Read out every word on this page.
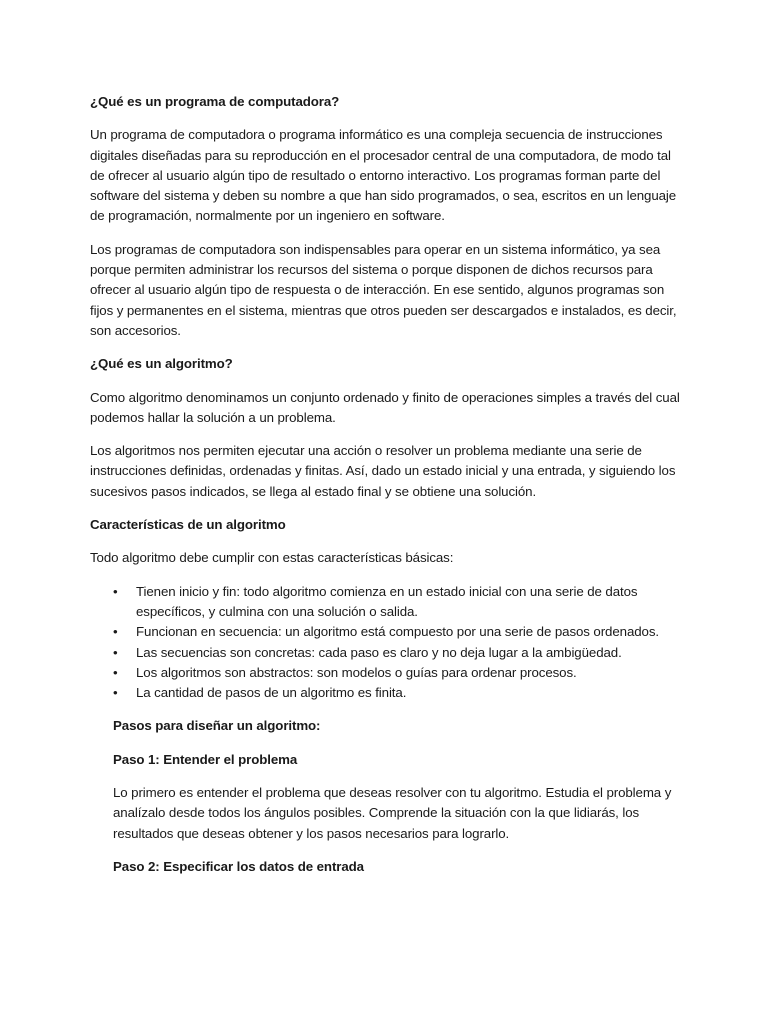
¿Qué es un programa de computadora?

Un programa de computadora o programa informático es una compleja secuencia de instrucciones digitales diseñadas para su reproducción en el procesador central de una computadora, de modo tal de ofrecer al usuario algún tipo de resultado o entorno interactivo. Los programas forman parte del software del sistema y deben su nombre a que han sido programados, o sea, escritos en un lenguaje de programación, normalmente por un ingeniero en software.

Los programas de computadora son indispensables para operar en un sistema informático, ya sea porque permiten administrar los recursos del sistema o porque disponen de dichos recursos para ofrecer al usuario algún tipo de respuesta o de interacción. En ese sentido, algunos programas son fijos y permanentes en el sistema, mientras que otros pueden ser descargados e instalados, es decir, son accesorios.

¿Qué es un algoritmo?

Como algoritmo denominamos un conjunto ordenado y finito de operaciones simples a través del cual podemos hallar la solución a un problema.

Los algoritmos nos permiten ejecutar una acción o resolver un problema mediante una serie de instrucciones definidas, ordenadas y finitas. Así, dado un estado inicial y una entrada, y siguiendo los sucesivos pasos indicados, se llega al estado final y se obtiene una solución.

Características de un algoritmo

Todo algoritmo debe cumplir con estas características básicas:

•	Tienen inicio y fin: todo algoritmo comienza en un estado inicial con una serie de datos específicos, y culmina con una solución o salida.
•	Funcionan en secuencia: un algoritmo está compuesto por una serie de pasos ordenados.
•	Las secuencias son concretas: cada paso es claro y no deja lugar a la ambigüedad.
•	Los algoritmos son abstractos: son modelos o guías para ordenar procesos.
•	La cantidad de pasos de un algoritmo es finita.

Pasos para diseñar un algoritmo:

Paso 1: Entender el problema

Lo primero es entender el problema que deseas resolver con tu algoritmo. Estudia el problema y analízalo desde todos los ángulos posibles. Comprende la situación con la que lidiarás, los resultados que deseas obtener y los pasos necesarios para lograrlo.

Paso 2: Especificar los datos de entrada
